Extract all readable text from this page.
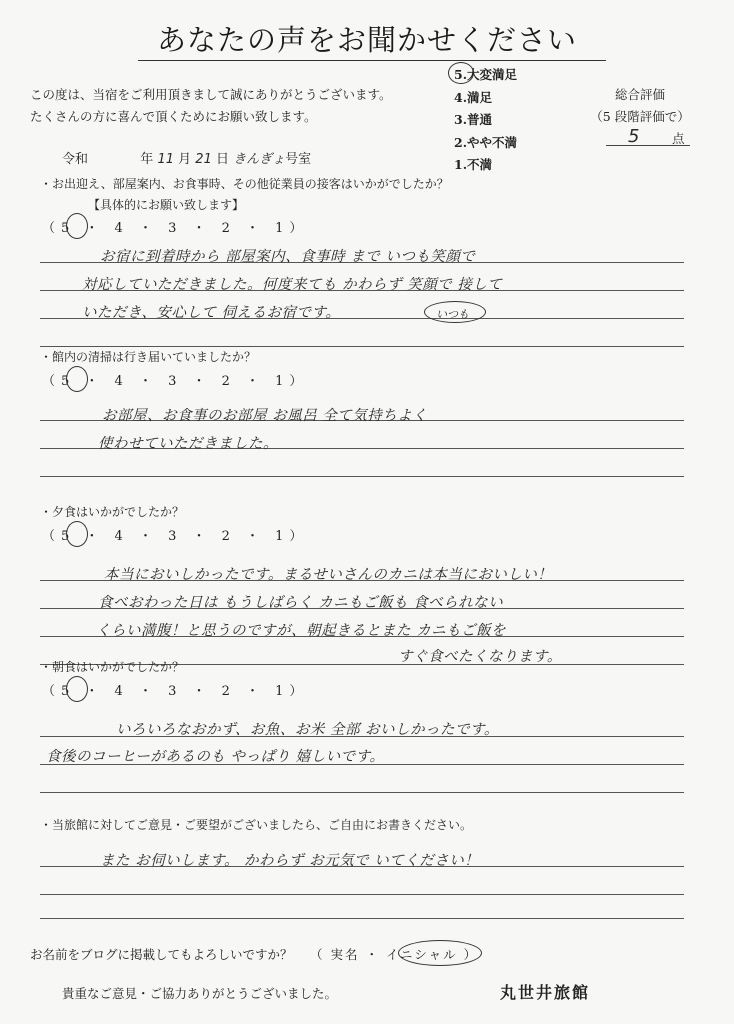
あなたの声をお聞かせください
この度は、当宿をご利用頂きまして誠にありがとうございます。
たくさんの方に喜んで頂くためにお願い致します。
5.大変満足
4.満足
3.普通
2.やや不満
1.不満
総合評価
（5 段階評価で）
5	点
令和	年 11 月 21 日 きんぎょ号室
・お出迎え、部屋案内、お食事時、その他従業員の接客はいかがでしたか？
【具体的にお願い致します】
（5 ・ 4 ・ 3 ・ 2 ・ 1）
お宿に到着時から 部屋案内、食事時 まで いつも笑顔で
対応していただきました。何度来ても かわらず 笑顔で 接して
いただき、安心して 伺えるお宿です。	いつも
・館内の清掃は行き届いていましたか？
（5 ・ 4 ・ 3 ・ 2 ・ 1）
お部屋、お食事のお部屋 お風呂 全て気持ちよく
使わせていただきました。
・夕食はいかがでしたか？
（5 ・ 4 ・ 3 ・ 2 ・ 1）
本当においしかったです。まるせいさんのカニは本当においしい！
食べおわった日は もうしばらく カニもご飯も 食べられない
くらい満腹！と思うのですが、朝起きるとまた カニもご飯を
すぐ食べたくなります。
・朝食はいかがでしたか？
（5 ・ 4 ・ 3 ・ 2 ・ 1）
いろいろなおかず、お魚、お米 全部 おいしかったです。
食後のコーヒーがあるのも やっぱり 嬉しいです。
・当旅館に対してご意見・ご要望がございましたら、ご自由にお書きください。
また お伺いします。 かわらず お元気で いてください！
お名前をブログに掲載してもよろしいですか？ （ 実名 ・ イニシャル ）
貴重なご意見・ご協力ありがとうございました。	丸世井旅館
